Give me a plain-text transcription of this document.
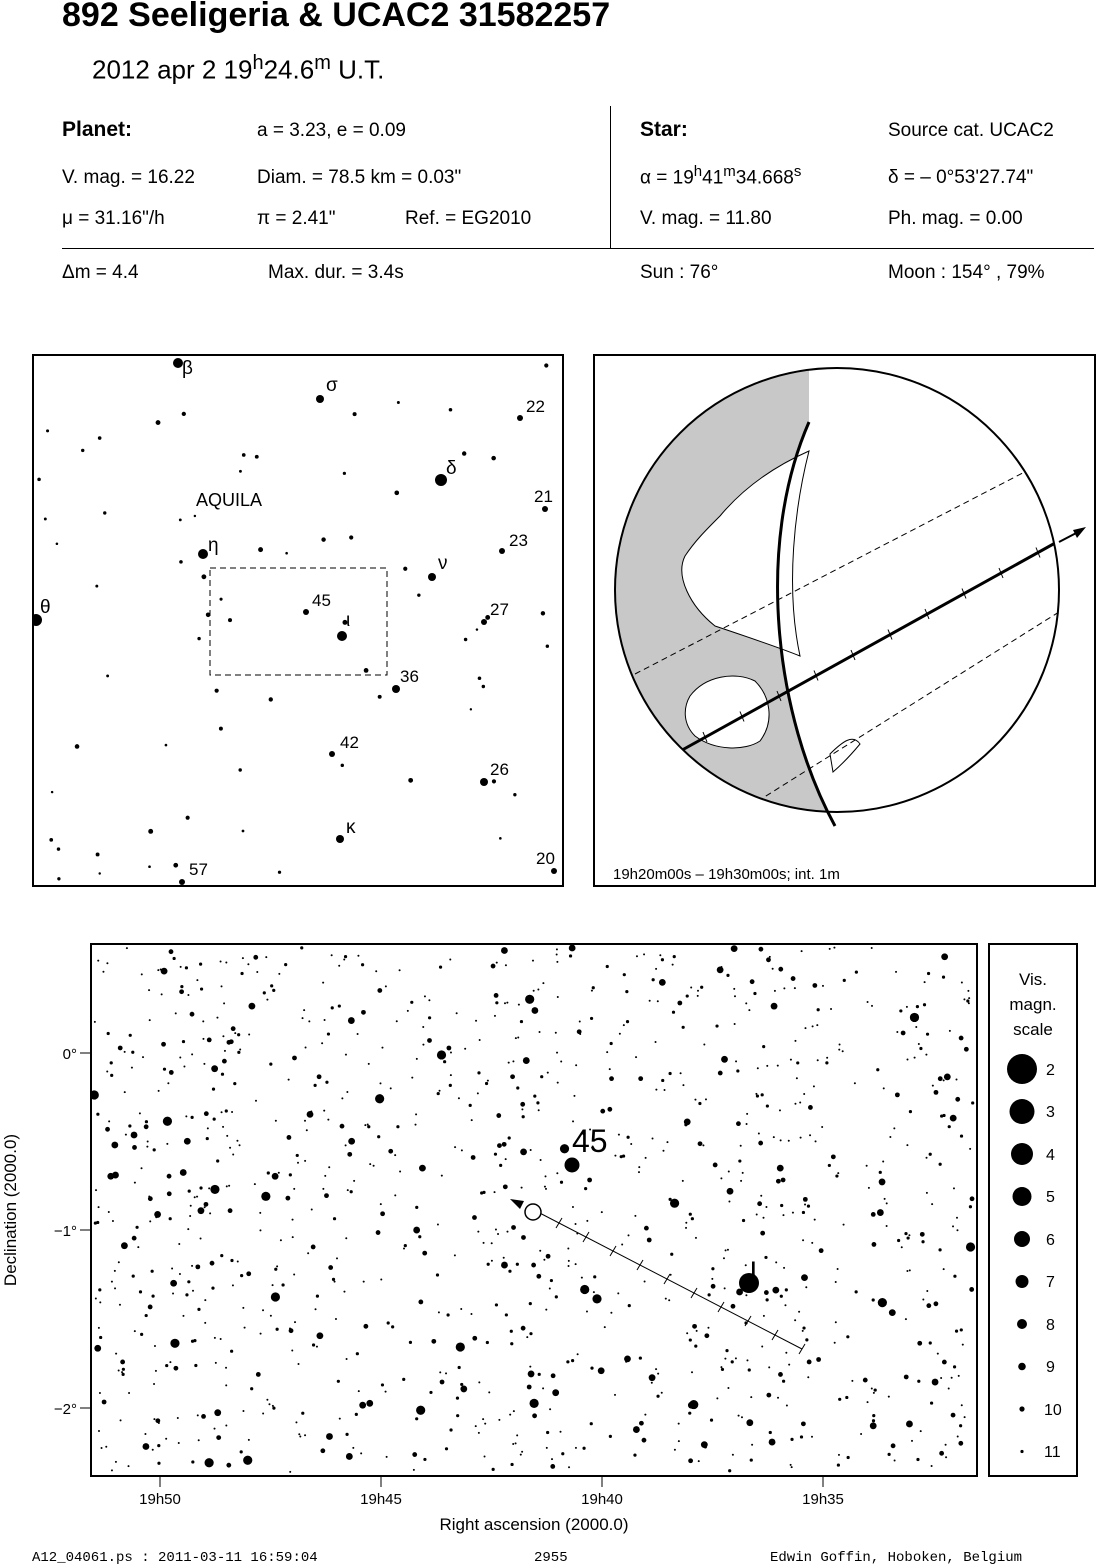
892 Seeligeria & UCAC2 31582257
2012 apr 2 19$^h$24.6$^m$ U.T.
Planet:	a = 3.23, e = 0.09
V. mag. = 16.22	Diam. = 78.5 km = 0.03"
μ = 31.16"/h	π = 2.41"	Ref. = EG2010
Star:	Source cat. UCAC2
$\alpha = 19^h41^m34.668^s$	δ = – 0°53'27.74"
V. mag. = 11.80	Ph. mag. = 0.00
Δm = 4.4	Max. dur. = 3.4s	Sun : 76°	Moon : 154° , 79%
AQUILA
β
σ
22
δ
21
23
η
ν
θ	45
ι
27
36
42
26
κ
20
57	19h20m00s – 19h30m00s; int. 1m
45
ι
0°
−1°
−2°
19h50	19h45	19h40	19h35
Declination (2000.0)
Right ascension (2000.0)
Vis.
magn.
scale
2
3
4
5
6
7
8
9
10
11
A12_04061.ps : 2011-03-11 16:59:04	2955	Edwin Goffin, Hoboken, Belgium
